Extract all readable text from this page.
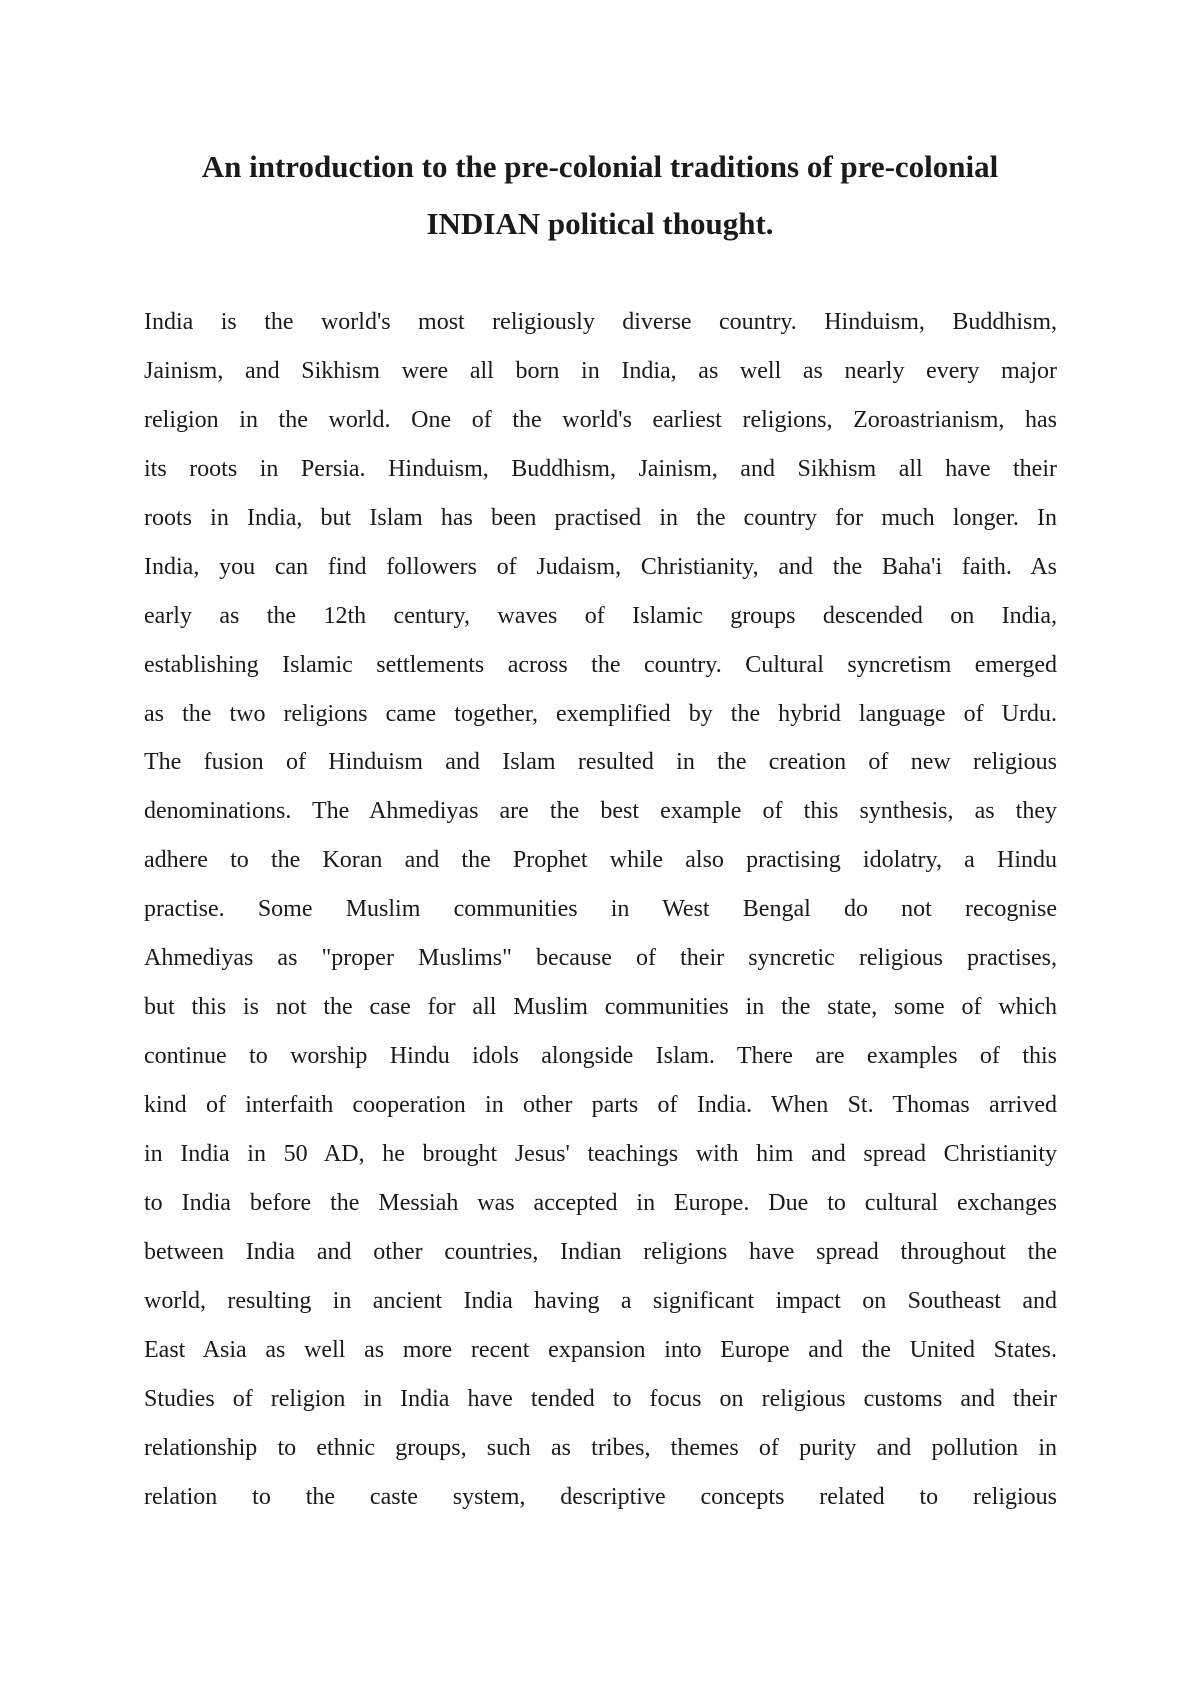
An introduction to the pre-colonial traditions of pre-colonial
INDIAN political thought.
India is the world's most religiously diverse country. Hinduism, Buddhism,
Jainism, and Sikhism were all born in India, as well as nearly every major
religion in the world. One of the world's earliest religions, Zoroastrianism, has
its roots in Persia. Hinduism, Buddhism, Jainism, and Sikhism all have their
roots in India, but Islam has been practised in the country for much longer. In
India, you can find followers of Judaism, Christianity, and the Baha'i faith. As
early as the 12th century, waves of Islamic groups descended on India,
establishing Islamic settlements across the country. Cultural syncretism emerged
as the two religions came together, exemplified by the hybrid language of Urdu.
The fusion of Hinduism and Islam resulted in the creation of new religious
denominations. The Ahmediyas are the best example of this synthesis, as they
adhere to the Koran and the Prophet while also practising idolatry, a Hindu
practise. Some Muslim communities in West Bengal do not recognise
Ahmediyas as "proper Muslims" because of their syncretic religious practises,
but this is not the case for all Muslim communities in the state, some of which
continue to worship Hindu idols alongside Islam. There are examples of this
kind of interfaith cooperation in other parts of India. When St. Thomas arrived
in India in 50 AD, he brought Jesus' teachings with him and spread Christianity
to India before the Messiah was accepted in Europe. Due to cultural exchanges
between India and other countries, Indian religions have spread throughout the
world, resulting in ancient India having a significant impact on Southeast and
East Asia as well as more recent expansion into Europe and the United States.
Studies of religion in India have tended to focus on religious customs and their
relationship to ethnic groups, such as tribes, themes of purity and pollution in
relation to the caste system, descriptive concepts related to religious
